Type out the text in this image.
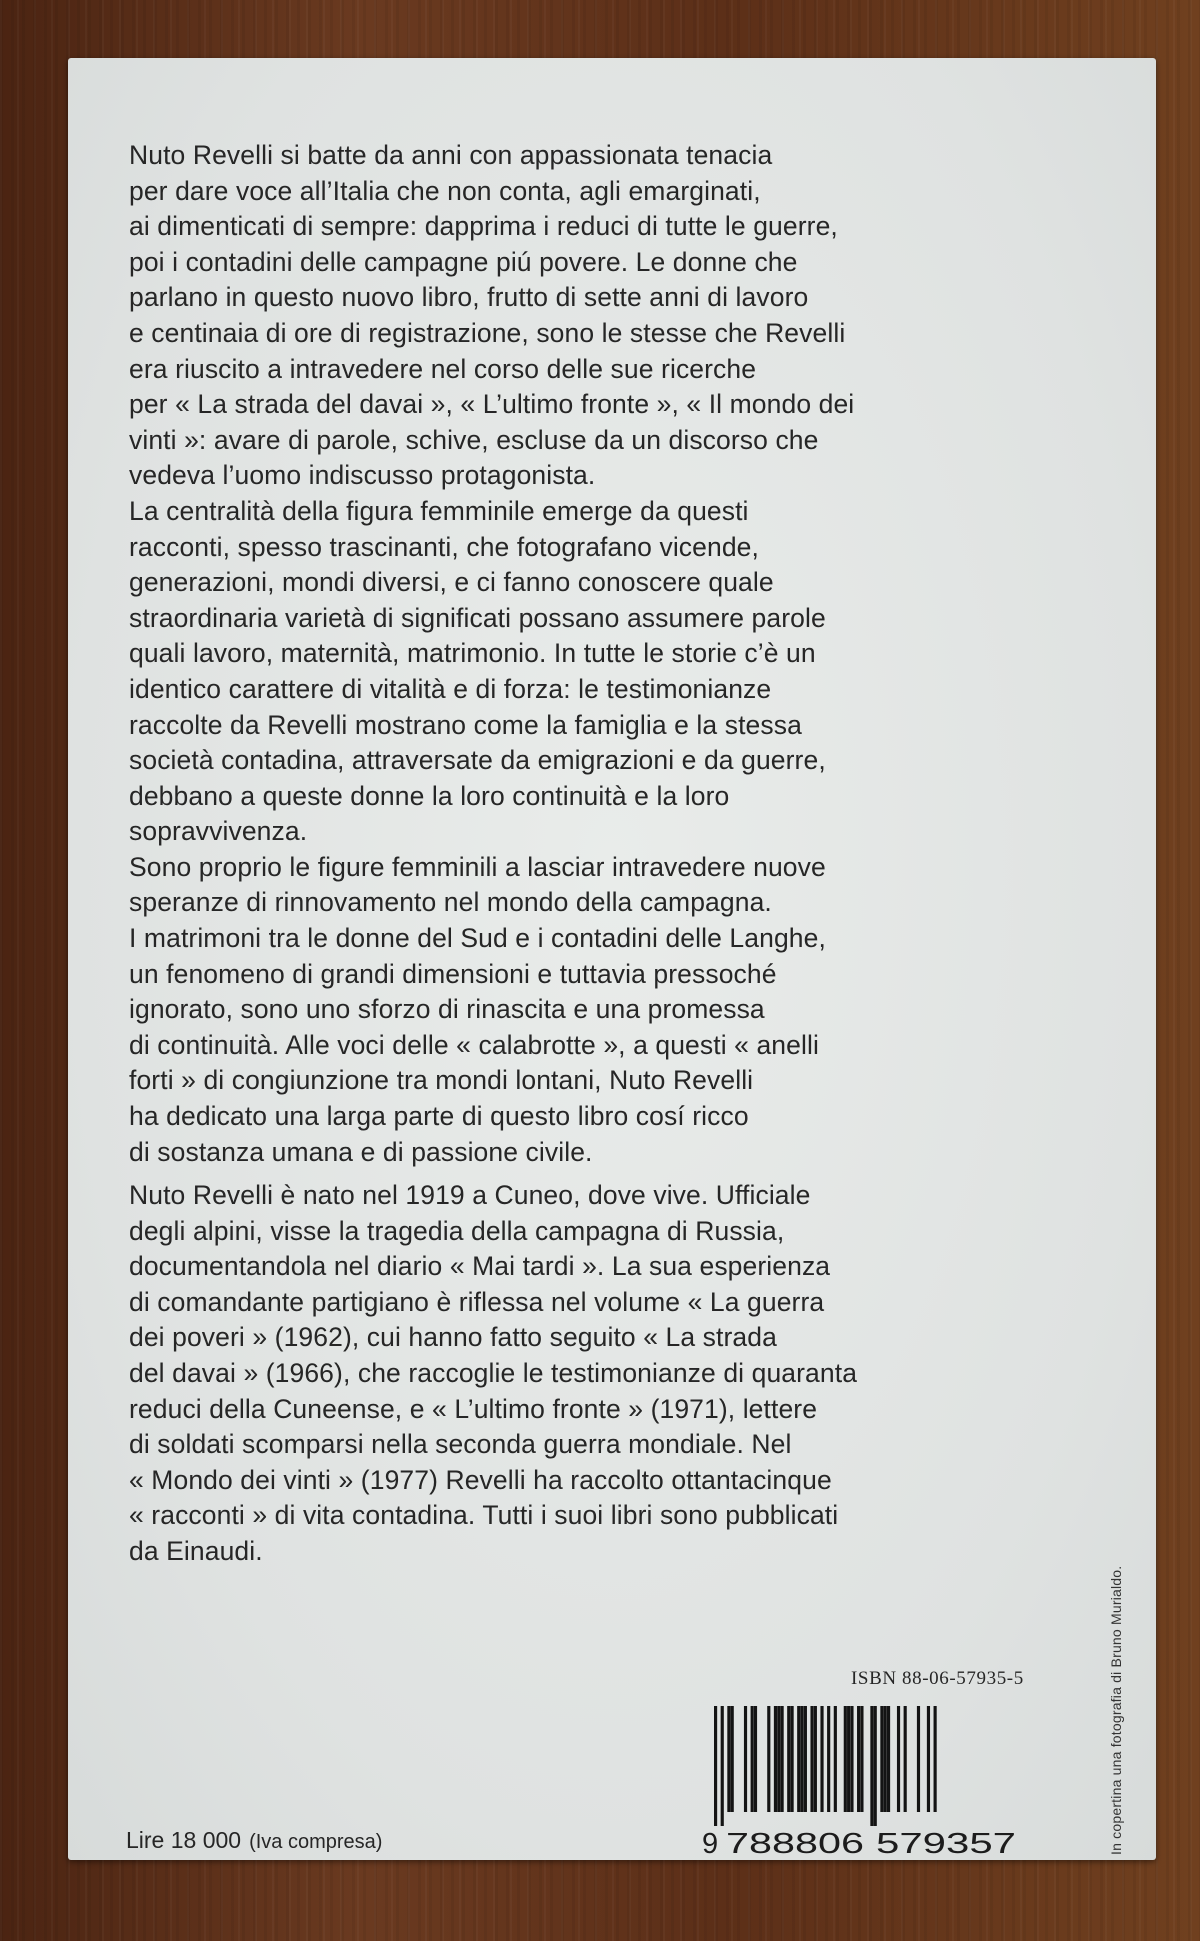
Nuto Revelli si batte da anni con appassionata tenacia
per dare voce all’Italia che non conta, agli emarginati,
ai dimenticati di sempre: dapprima i reduci di tutte le guerre,
poi i contadini delle campagne piú povere. Le donne che
parlano in questo nuovo libro, frutto di sette anni di lavoro
e centinaia di ore di registrazione, sono le stesse che Revelli
era riuscito a intravedere nel corso delle sue ricerche
per « La strada del davai », « L’ultimo fronte », « Il mondo dei
vinti »: avare di parole, schive, escluse da un discorso che
vedeva l’uomo indiscusso protagonista.
La centralità della figura femminile emerge da questi
racconti, spesso trascinanti, che fotografano vicende,
generazioni, mondi diversi, e ci fanno conoscere quale
straordinaria varietà di significati possano assumere parole
quali lavoro, maternità, matrimonio. In tutte le storie c’è un
identico carattere di vitalità e di forza: le testimonianze
raccolte da Revelli mostrano come la famiglia e la stessa
società contadina, attraversate da emigrazioni e da guerre,
debbano a queste donne la loro continuità e la loro
sopravvivenza.
Sono proprio le figure femminili a lasciar intravedere nuove
speranze di rinnovamento nel mondo della campagna.
I matrimoni tra le donne del Sud e i contadini delle Langhe,
un fenomeno di grandi dimensioni e tuttavia pressoché
ignorato, sono uno sforzo di rinascita e una promessa
di continuità. Alle voci delle « calabrotte », a questi « anelli
forti » di congiunzione tra mondi lontani, Nuto Revelli
ha dedicato una larga parte di questo libro cosí ricco
di sostanza umana e di passione civile.

Nuto Revelli è nato nel 1919 a Cuneo, dove vive. Ufficiale
degli alpini, visse la tragedia della campagna di Russia,
documentandola nel diario « Mai tardi ». La sua esperienza
di comandante partigiano è riflessa nel volume « La guerra
dei poveri » (1962), cui hanno fatto seguito « La strada
del davai » (1966), che raccoglie le testimonianze di quaranta
reduci della Cuneense, e « L’ultimo fronte » (1971), lettere
di soldati scomparsi nella seconda guerra mondiale. Nel
« Mondo dei vinti » (1977) Revelli ha raccolto ottantacinque
« racconti » di vita contadina. Tutti i suoi libri sono pubblicati
da Einaudi.

ISBN 88-06-57935-5
9 788806 579357
Lire 18 000 (Iva compresa)	In copertina una fotografia di Bruno Murialdo.
